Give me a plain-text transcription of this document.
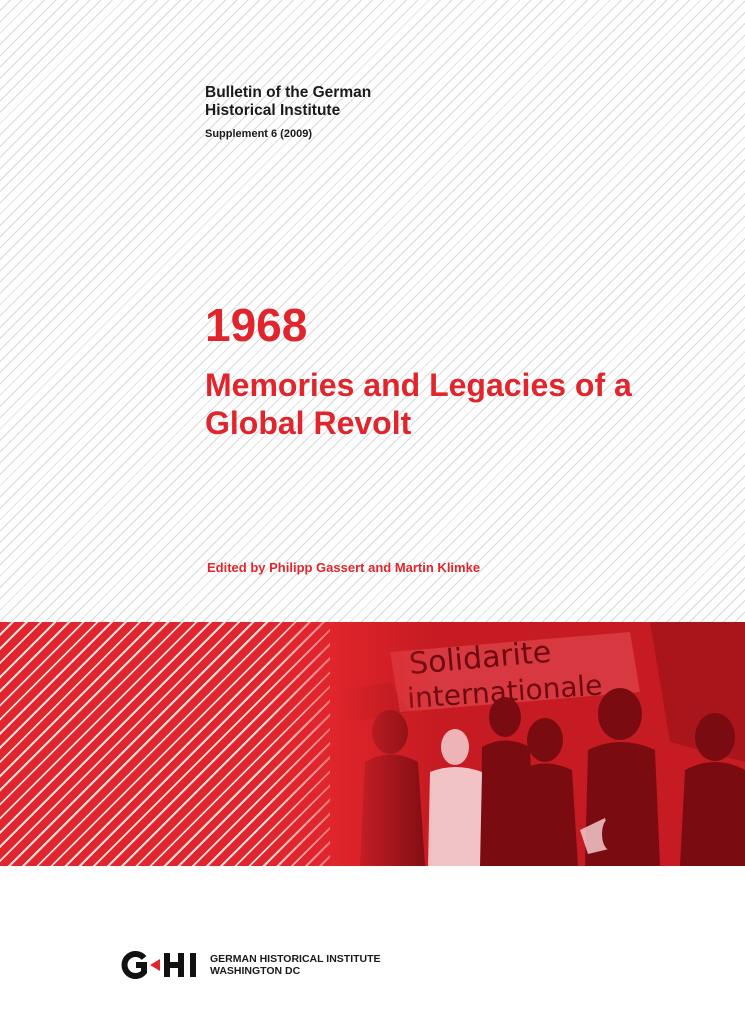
Bulletin of the German Historical Institute
Supplement 6 (2009)
1968
Memories and Legacies of a Global Revolt
Edited by Philipp Gassert and Martin Klimke
GERMAN HISTORICAL INSTITUTE
WASHINGTON DC
